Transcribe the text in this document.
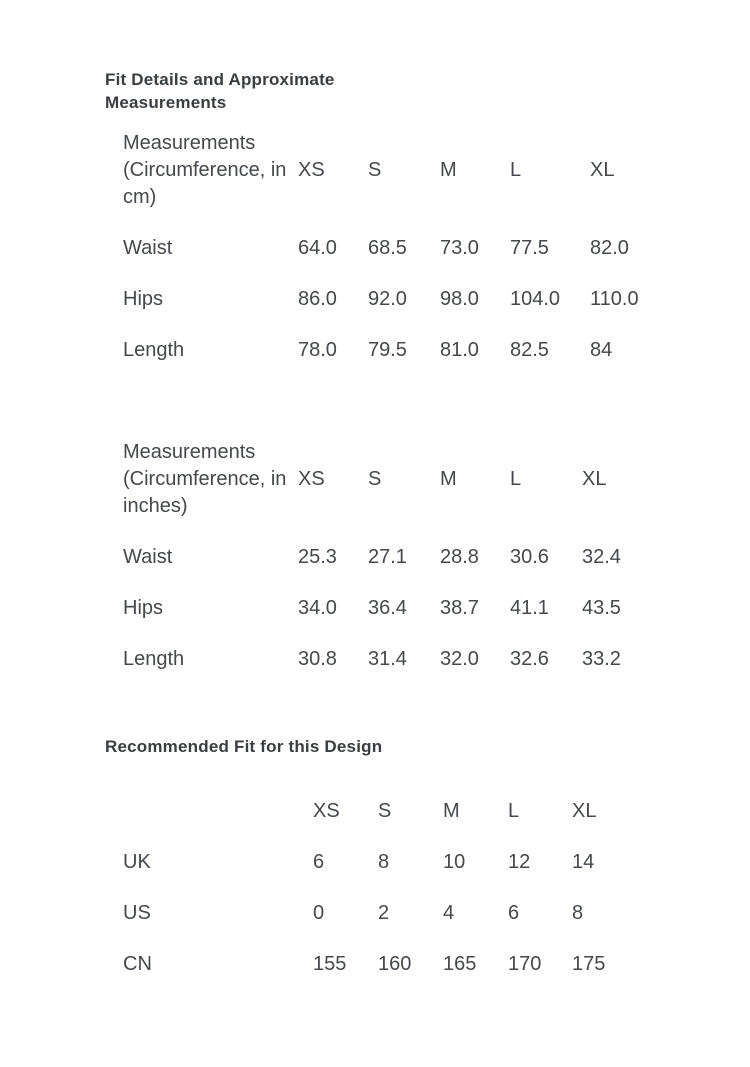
Fit Details and Approximate Measurements
Measurements (Circumference, in cm)	XS	S	M	L	XL
Waist	64.0	68.5	73.0	77.5	82.0
Hips	86.0	92.0	98.0	104.0	110.0
Length	78.0	79.5	81.0	82.5	84
Measurements (Circumference, in inches)	XS	S	M	L	XL
Waist	25.3	27.1	28.8	30.6	32.4
Hips	34.0	36.4	38.7	41.1	43.5
Length	30.8	31.4	32.0	32.6	33.2
Recommended Fit for this Design
	XS	S	M	L	XL
UK	6	8	10	12	14
US	0	2	4	6	8
CN	155	160	165	170	175
